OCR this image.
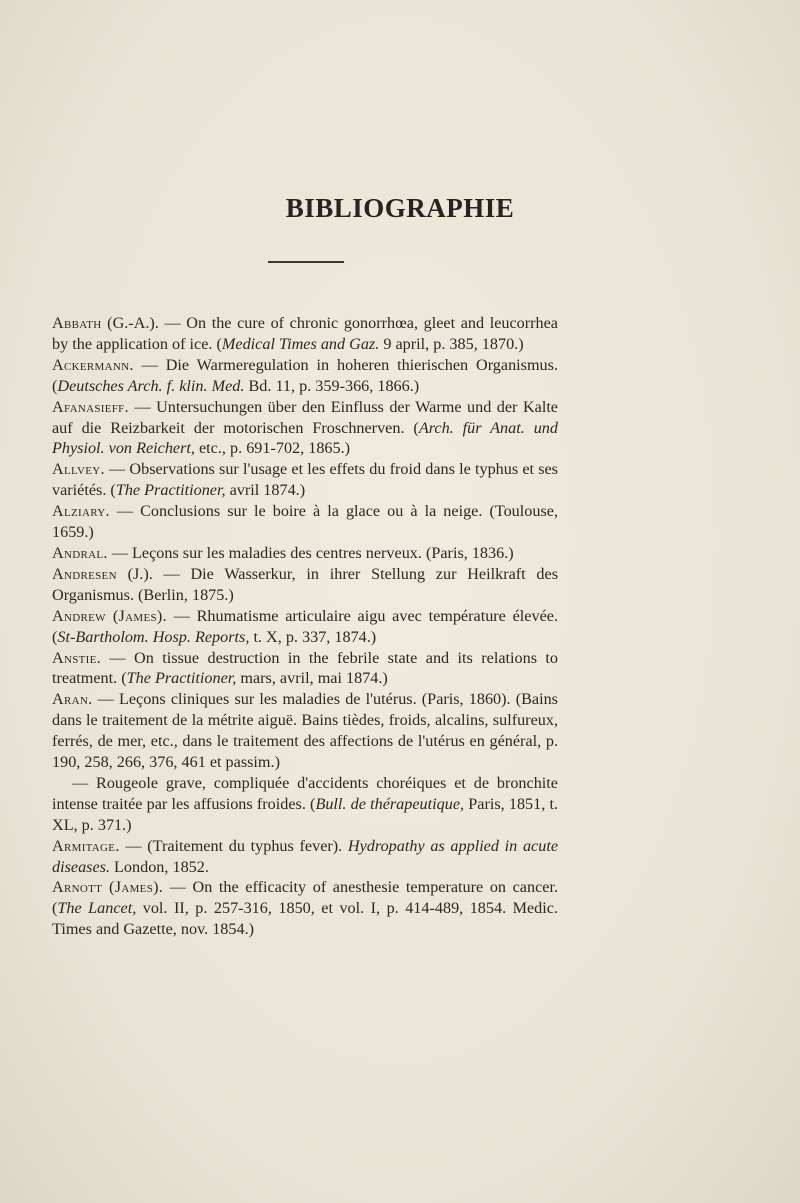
BIBLIOGRAPHIE

Abbath (G.-A.). — On the cure of chronic gonorrhœa, gleet and leucorrhea by the application of ice. (Medical Times and Gaz. 9 april, p. 385, 1870.)

Ackermann. — Die Warmeregulation in hoheren thierischen Organismus. (Deutsches Arch. f. klin. Med. Bd. 11, p. 359-366, 1866.)

Afanasieff. — Untersuchungen über den Einfluss der Warme und der Kalte auf die Reizbarkeit der motorischen Froschnerven. (Arch. für Anat. und Physiol. von Reichert, etc., p. 691-702, 1865.)

Allvey. — Observations sur l'usage et les effets du froid dans le typhus et ses variétés. (The Practitioner, avril 1874.)

Alziary. — Conclusions sur le boire à la glace ou à la neige. (Toulouse, 1659.)

Andral. — Leçons sur les maladies des centres nerveux. (Paris, 1836.)

Andresen (J.). — Die Wasserkur, in ihrer Stellung zur Heilkraft des Organismus. (Berlin, 1875.)

Andrew (James). — Rhumatisme articulaire aigu avec température élevée. (St-Bartholom. Hosp. Reports, t. X, p. 337, 1874.)

Anstie. — On tissue destruction in the febrile state and its relations to treatment. (The Practitioner, mars, avril, mai 1874.)

Aran. — Leçons cliniques sur les maladies de l'utérus. (Paris, 1860). (Bains dans le traitement de la métrite aiguë. Bains tièdes, froids, alcalins, sulfureux, ferrés, de mer, etc., dans le traitement des affections de l'utérus en général, p. 190, 258, 266, 376, 461 et passim.)

— Rougeole grave, compliquée d'accidents choréiques et de bronchite intense traitée par les affusions froides. (Bull. de thérapeutique, Paris, 1851, t. XL, p. 371.)

Armitage. — (Traitement du typhus fever). Hydropathy as applied in acute diseases. London, 1852.

Arnott (James). — On the efficacity of anesthesie temperature on cancer. (The Lancet, vol. II, p. 257-316, 1850, et vol. I, p. 414-489, 1854. Medic. Times and Gazette, nov. 1854.)
